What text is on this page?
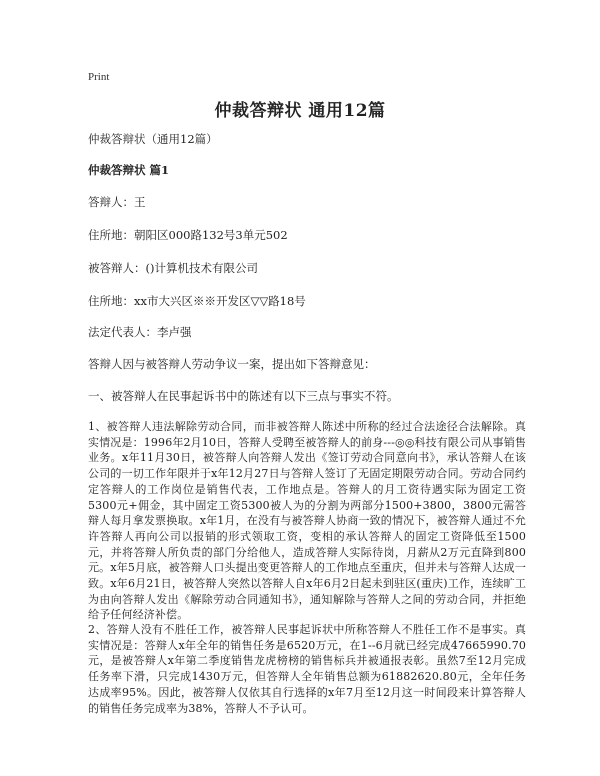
Print
仲裁答辩状 通用12篇
仲裁答辩状（通用12篇）
仲裁答辩状 篇1
答辩人：王
住所地：朝阳区000路132号3单元502
被答辩人：()计算机技术有限公司
住所地：xx市大兴区※※开发区▽▽路18号
法定代表人：李卢强
答辩人因与被答辩人劳动争议一案，提出如下答辩意见：
一、被答辩人在民事起诉书中的陈述有以下三点与事实不符。
1、被答辩人违法解除劳动合同，而非被答辩人陈述中所称的经过合法途径合法解除。真实情况是：1996年2月10日，答辩人受聘至被答辩人的前身---◎◎科技有限公司从事销售业务。x年11月30日，被答辩人向答辩人发出《签订劳动合同意向书》，承认答辩人在该公司的一切工作年限并于x年12月27日与答辩人签订了无固定期限劳动合同。劳动合同约定答辩人的工作岗位是销售代表，工作地点是。答辩人的月工资待遇实际为固定工资5300元+佣金，其中固定工资5300被人为的分割为两部分1500+3800，3800元需答辩人每月拿发票换取。x年1月，在没有与被答辩人协商一致的情况下，被答辩人通过不允许答辩人再向公司以报销的形式领取工资，变相的承认答辩人的固定工资降低至1500元，并将答辩人所负责的部门分给他人，造成答辩人实际待岗，月薪从2万元直降到800元。x年5月底，被答辩人口头提出变更答辩人的工作地点至重庆，但并未与答辩人达成一致。x年6月21日，被答辩人突然以答辩人自x年6月2日起未到驻区(重庆)工作，连续旷工为由向答辩人发出《解除劳动合同通知书》，通知解除与答辩人之间的劳动合同，并拒绝给予任何经济补偿。
2、答辩人没有不胜任工作，被答辩人民事起诉状中所称答辩人不胜任工作不是事实。真实情况是：答辩人x年全年的销售任务是6520万元，在1--6月就已经完成47665990.70元，是被答辩人x年第二季度销售龙虎榜榜的销售标兵并被通报表彰。虽然7至12月完成任务率下滑，只完成1430万元，但答辩人全年销售总额为61882620.80元，全年任务达成率95%。因此，被答辩人仅依其自行选择的x年7月至12月这一时间段来计算答辩人的销售任务完成率为38%，答辩人不予认可。
